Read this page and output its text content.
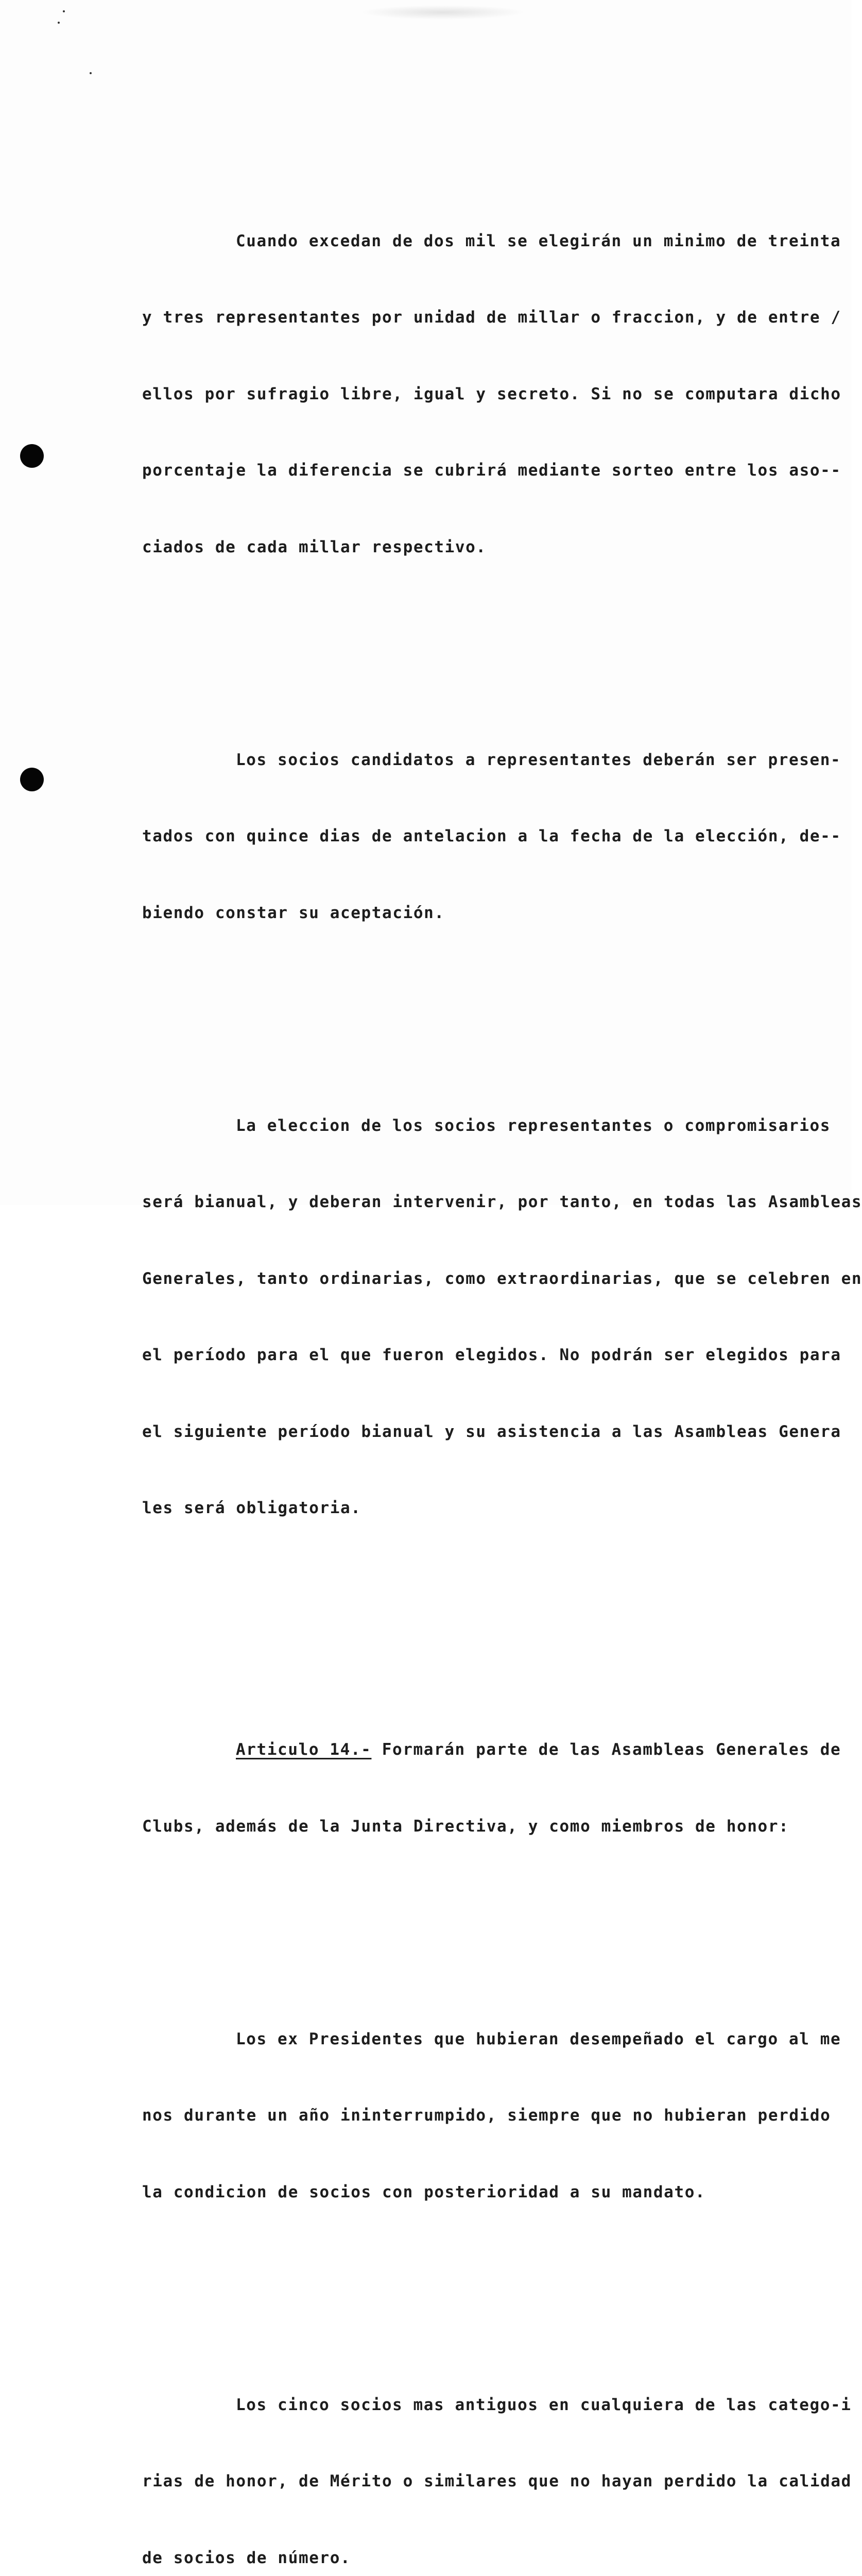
Cuando excedan de dos mil se elegirán un minimo de treinta

y tres representantes por unidad de millar o fraccion, y de entre /

ellos por sufragio libre, igual y secreto. Si no se computara dicho

porcentaje la diferencia se cubrirá mediante sorteo entre los aso--

ciados de cada millar respectivo.

Los socios candidatos a representantes deberán ser presen-

tados con quince dias de antelacion a la fecha de la elección, de--

biendo constar su aceptación.

La eleccion de los socios representantes o compromisarios

será bianual, y deberan intervenir, por tanto, en todas las Asambleas

Generales, tanto ordinarias, como extraordinarias, que se celebren en

el período para el que fueron elegidos. No podrán ser elegidos para

el siguiente período bianual y su asistencia a las Asambleas Genera

les será obligatoria.

Articulo 14.- Formarán parte de las Asambleas Generales de

Clubs, además de la Junta Directiva, y como miembros de honor:

Los ex Presidentes que hubieran desempeñado el cargo al me

nos durante un año ininterrumpido, siempre que no hubieran perdido

la condicion de socios con posterioridad a su mandato.

Los cinco socios mas antiguos en cualquiera de las catego-i

rias de honor, de Mérito o similares que no hayan perdido la calidad

de socios de número.
